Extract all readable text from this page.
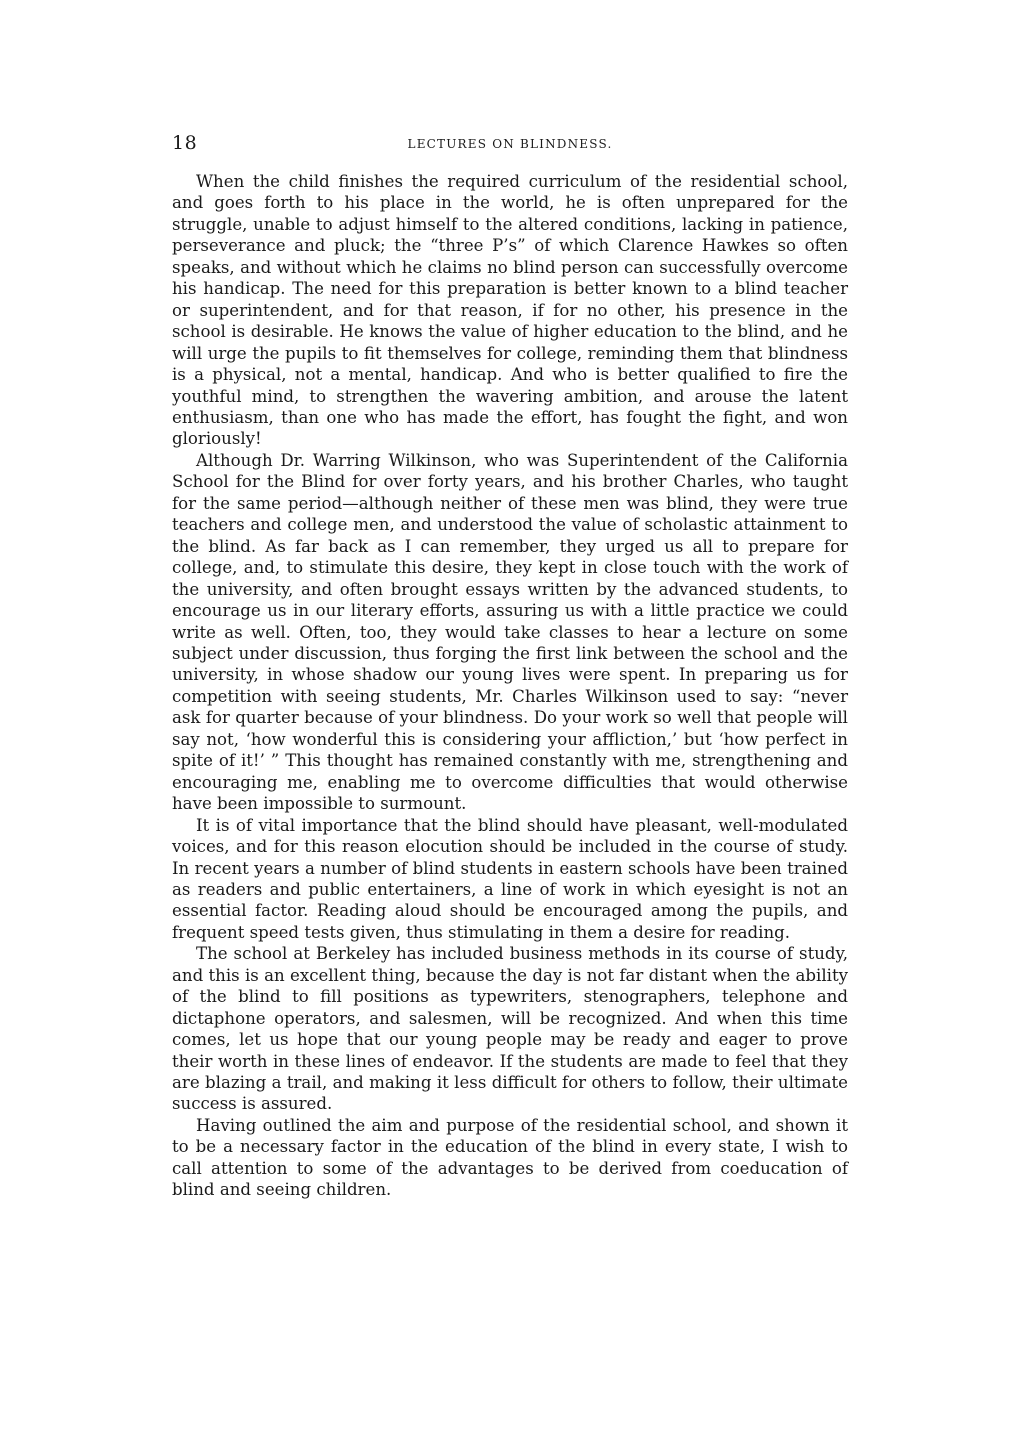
18	LECTURES ON BLINDNESS.

When the child finishes the required curriculum of the residential school, and goes forth to his place in the world, he is often unprepared for the struggle, unable to adjust himself to the altered conditions, lacking in patience, perseverance and pluck; the “three P’s” of which Clarence Hawkes so often speaks, and without which he claims no blind person can successfully overcome his handicap. The need for this preparation is better known to a blind teacher or superintendent, and for that reason, if for no other, his presence in the school is desirable. He knows the value of higher education to the blind, and he will urge the pupils to fit themselves for college, reminding them that blindness is a physical, not a mental, handicap. And who is better qualified to fire the youthful mind, to strengthen the wavering ambition, and arouse the latent enthusiasm, than one who has made the effort, has fought the fight, and won gloriously!

Although Dr. Warring Wilkinson, who was Superintendent of the California School for the Blind for over forty years, and his brother Charles, who taught for the same period—although neither of these men was blind, they were true teachers and college men, and understood the value of scholastic attainment to the blind. As far back as I can remember, they urged us all to prepare for college, and, to stimulate this desire, they kept in close touch with the work of the university, and often brought essays written by the advanced students, to encourage us in our literary efforts, assuring us with a little practice we could write as well. Often, too, they would take classes to hear a lecture on some subject under discussion, thus forging the first link between the school and the university, in whose shadow our young lives were spent. In preparing us for competition with seeing students, Mr. Charles Wilkinson used to say: “never ask for quarter because of your blindness. Do your work so well that people will say not, ‘how wonderful this is considering your affliction,’ but ‘how perfect in spite of it!’ ” This thought has remained constantly with me, strengthening and encouraging me, enabling me to overcome difficulties that would otherwise have been impossible to surmount.

It is of vital importance that the blind should have pleasant, well-modulated voices, and for this reason elocution should be included in the course of study. In recent years a number of blind students in eastern schools have been trained as readers and public entertainers, a line of work in which eyesight is not an essential factor. Reading aloud should be encouraged among the pupils, and frequent speed tests given, thus stimulating in them a desire for reading.

The school at Berkeley has included business methods in its course of study, and this is an excellent thing, because the day is not far distant when the ability of the blind to fill positions as typewriters, stenographers, telephone and dictaphone operators, and salesmen, will be recognized. And when this time comes, let us hope that our young people may be ready and eager to prove their worth in these lines of endeavor. If the students are made to feel that they are blazing a trail, and making it less difficult for others to follow, their ultimate success is assured.

Having outlined the aim and purpose of the residential school, and shown it to be a necessary factor in the education of the blind in every state, I wish to call attention to some of the advantages to be derived from coeducation of blind and seeing children.
